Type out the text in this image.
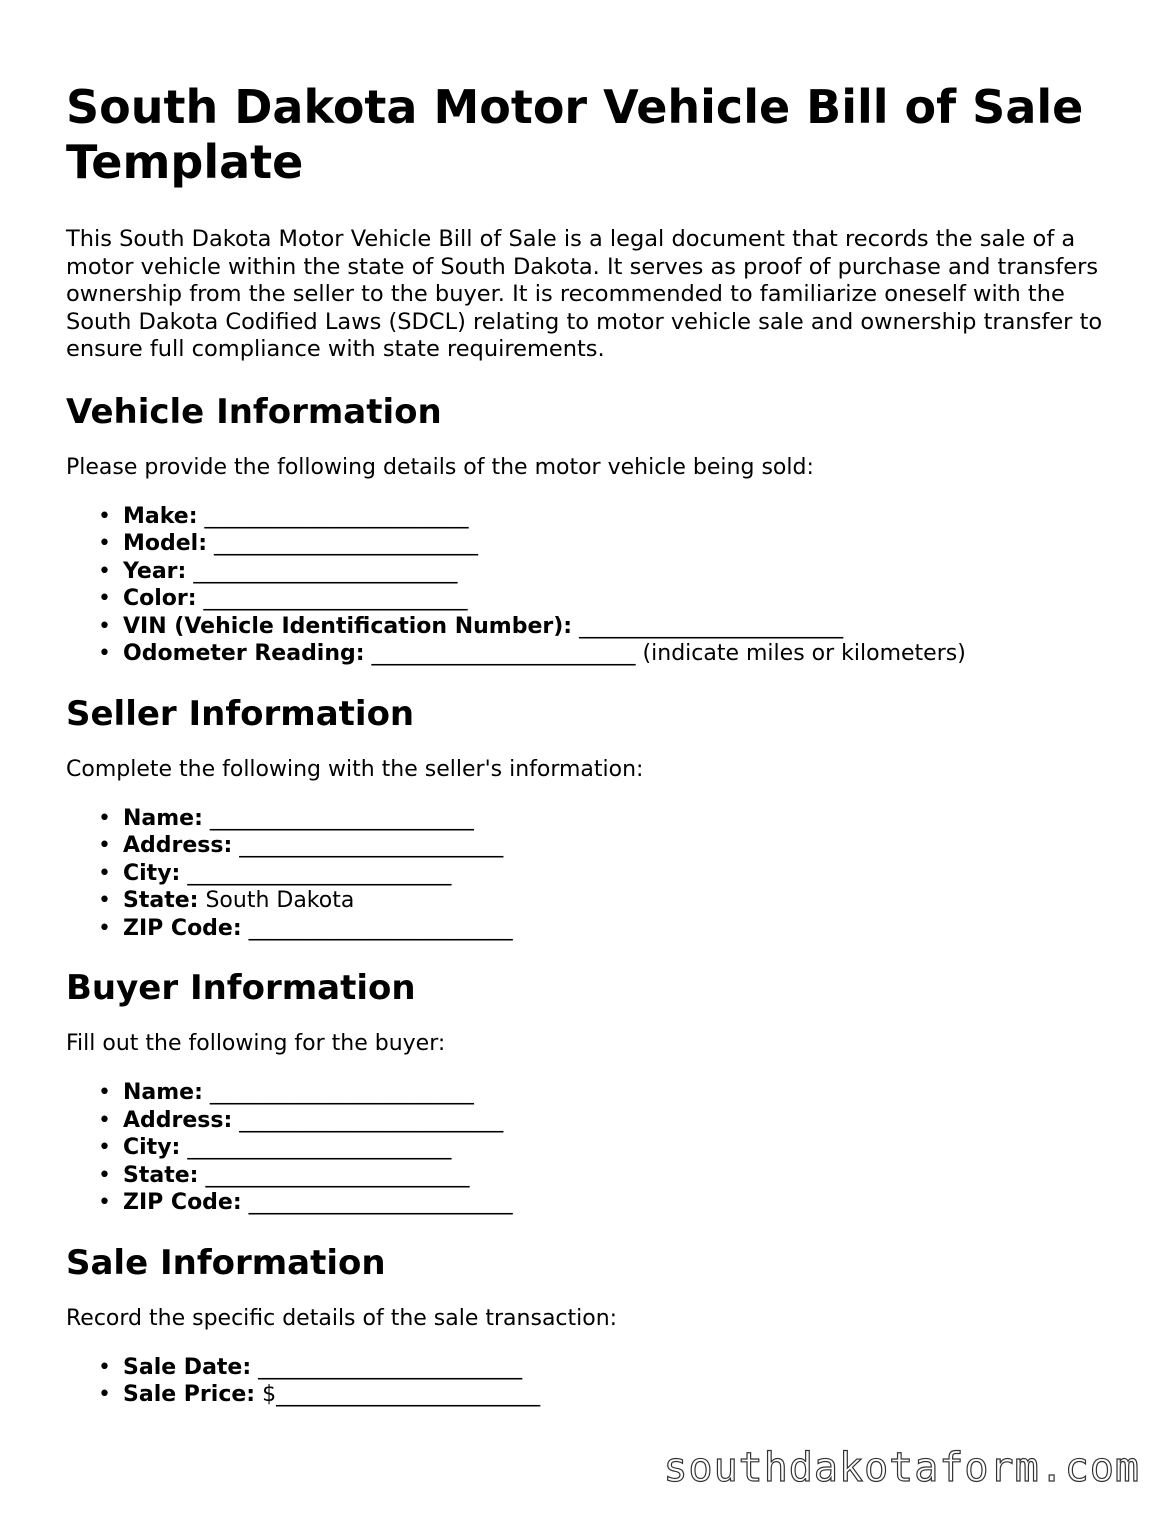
South Dakota Motor Vehicle Bill of Sale Template

This South Dakota Motor Vehicle Bill of Sale is a legal document that records the sale of a motor vehicle within the state of South Dakota. It serves as proof of purchase and transfers ownership from the seller to the buyer. It is recommended to familiarize oneself with the South Dakota Codified Laws (SDCL) relating to motor vehicle sale and ownership transfer to ensure full compliance with state requirements.

Vehicle Information

Please provide the following details of the motor vehicle being sold:

• Make: ________________________
• Model: ________________________
• Year: ________________________
• Color: ________________________
• VIN (Vehicle Identification Number): ________________________
• Odometer Reading: ________________________ (indicate miles or kilometers)
Seller Information

Complete the following with the seller's information:

• Name: ________________________
• Address: ________________________
• City: ________________________
• State: South Dakota
• ZIP Code: ________________________
Buyer Information

Fill out the following for the buyer:

• Name: ________________________
• Address: ________________________
• City: ________________________
• State: ________________________
• ZIP Code: ________________________
Sale Information

Record the specific details of the sale transaction:

• Sale Date: ________________________
• Sale Price: $________________________
southdakotaform.com
